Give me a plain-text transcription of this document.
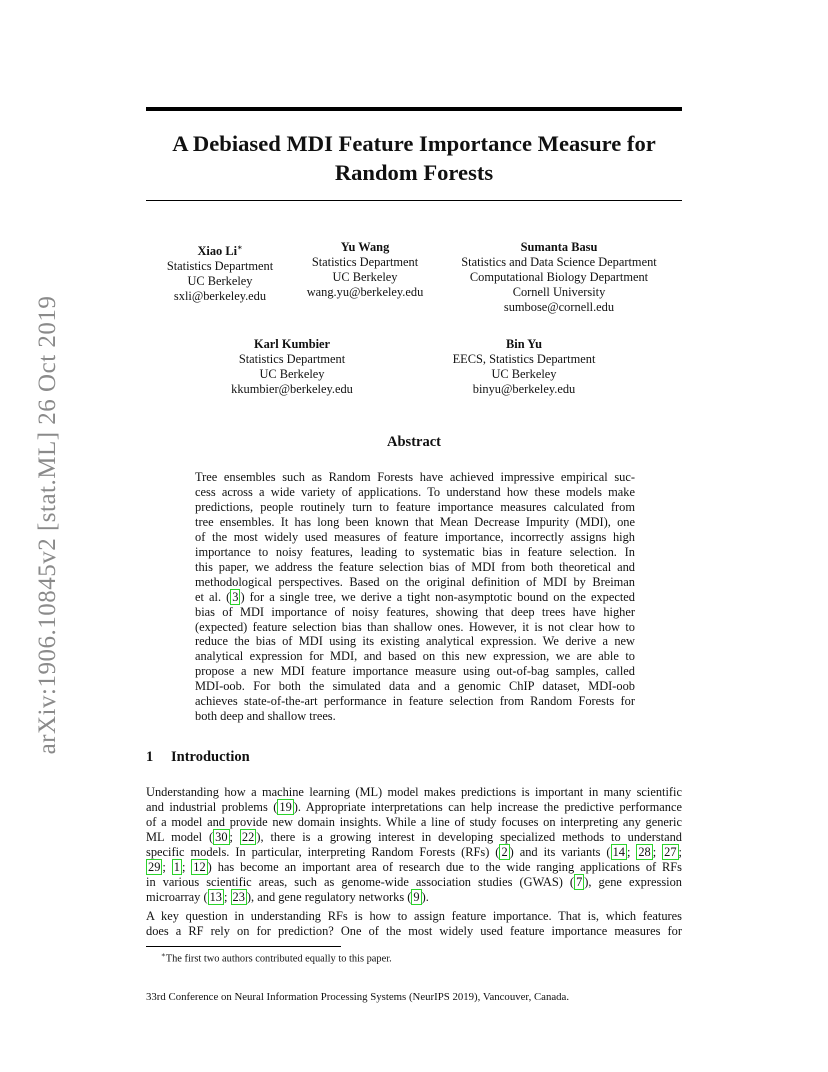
arXiv:1906.10845v2 [stat.ML] 26 Oct 2019
A Debiased MDI Feature Importance Measure for
Random Forests
Xiao Li∗
Statistics Department
UC Berkeley
sxli@berkeley.edu
Yu Wang
Statistics Department
UC Berkeley
wang.yu@berkeley.edu
Sumanta Basu
Statistics and Data Science Department
Computational Biology Department
Cornell University
sumbose@cornell.edu
Karl Kumbier
Statistics Department
UC Berkeley
kkumbier@berkeley.edu
Bin Yu
EECS, Statistics Department
UC Berkeley
binyu@berkeley.edu
Abstract
Tree ensembles such as Random Forests have achieved impressive empirical suc-
cess across a wide variety of applications. To understand how these models make
predictions, people routinely turn to feature importance measures calculated from
tree ensembles. It has long been known that Mean Decrease Impurity (MDI), one
of the most widely used measures of feature importance, incorrectly assigns high
importance to noisy features, leading to systematic bias in feature selection. In
this paper, we address the feature selection bias of MDI from both theoretical and
methodological perspectives. Based on the original definition of MDI by Breiman
et al. ( 3 ) for a single tree, we derive a tight non-asymptotic bound on the expected
bias of MDI importance of noisy features, showing that deep trees have higher
(expected) feature selection bias than shallow ones. However, it is not clear how to
reduce the bias of MDI using its existing analytical expression. We derive a new
analytical expression for MDI, and based on this new expression, we are able to
propose a new MDI feature importance measure using out-of-bag samples, called
MDI-oob. For both the simulated data and a genomic ChIP dataset, MDI-oob
achieves state-of-the-art performance in feature selection from Random Forests for
both deep and shallow trees.
1 Introduction
Understanding how a machine learning (ML) model makes predictions is important in many scientific
and industrial problems ( 19 ). Appropriate interpretations can help increase the predictive performance
of a model and provide new domain insights. While a line of study focuses on interpreting any generic
ML model ( 30 ; 22 ), there is a growing interest in developing specialized methods to understand
specific models. In particular, interpreting Random Forests (RFs) ( 2 ) and its variants ( 14 ; 28 ; 27 ;
29 ; 1 ; 12 ) has become an important area of research due to the wide ranging applications of RFs
in various scientific areas, such as genome-wide association studies (GWAS) ( 7 ), gene expression
microarray ( 13 ; 23 ), and gene regulatory networks ( 9 ).
A key question in understanding RFs is how to assign feature importance. That is, which features
does a RF rely on for prediction? One of the most widely used feature importance measures for

∗The first two authors contributed equally to this paper.

33rd Conference on Neural Information Processing Systems (NeurIPS 2019), Vancouver, Canada.
